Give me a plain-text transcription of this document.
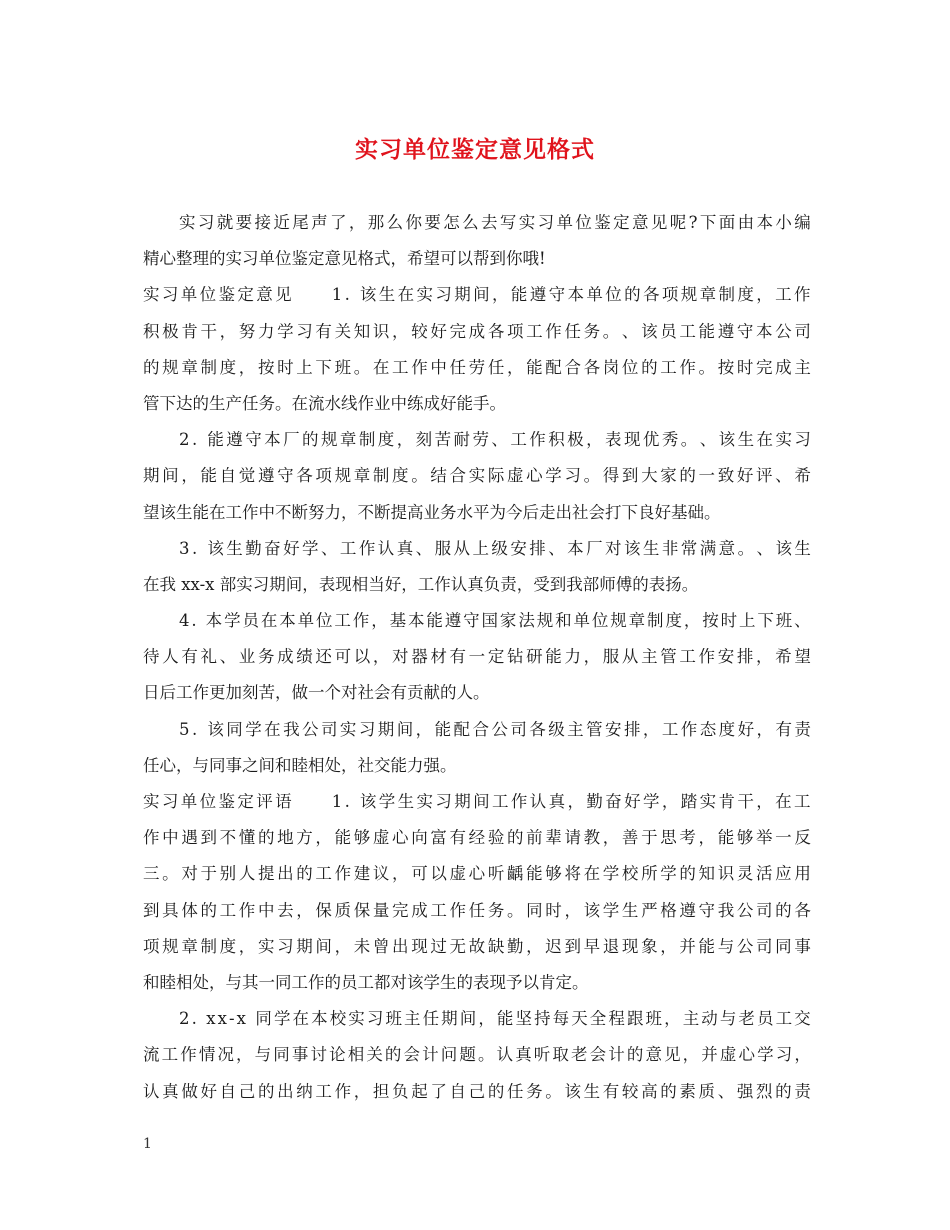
实习单位鉴定意见格式
实 习 就 要 接 近 尾 声 了 ， 那 么 你 要 怎 么 去 写 实 习 单 位 鉴 定 意 见 呢 ? 下 面 由 本 小 编
精心整理的实习单位鉴定意见格式，希望可以帮到你哦!
实 习 单 位 鉴 定 意 见

　 1 .
该 生 在 实 习 期 间 ， 能 遵 守 本 单 位 的 各 项 规 章 制 度 ， 工 作
积 极 肯 干 ， 努 力 学 习 有 关 知 识 ， 较 好 完 成 各 项 工 作 任 务 。 、 该 员 工 能 遵 守 本 公 司
的 规 章 制 度 ， 按 时 上 下 班 。 在 工 作 中 任 劳 任 ， 能 配 合 各 岗 位 的 工 作 。 按 时 完 成 主
管下达的生产任务。在流水线作业中练成好能手。
2 .
能 遵 守 本 厂 的 规 章 制 度 ， 刻 苦 耐 劳 、 工 作 积 极 ， 表 现 优 秀 。 、 该 生 在 实 习
期 间 ， 能 自 觉 遵 守 各 项 规 章 制 度 。 结 合 实 际 虚 心 学 习 。 得 到 大 家 的 一 致 好 评 、 希
望该生能在工作中不断努力，不断提高业务水平为今后走出社会打下良好基础。
3 .
该 生 勤 奋 好 学 、 工 作 认 真 、 服 从 上 级 安 排 、 本 厂 对 该 生 非 常 满 意 。 、 该 生
在我 xx-x 部实习期间，表现相当好，工作认真负责，受到我部师傅的表扬。
4 .
本 学 员 在 本 单 位 工 作 ， 基 本 能 遵 守 国 家 法 规 和 单 位 规 章 制 度 ， 按 时 上 下 班 、
待 人 有 礼 、 业 务 成 绩 还 可 以 ， 对 器 材 有 一 定 钻 研 能 力 ， 服 从 主 管 工 作 安 排 ， 希 望
日后工作更加刻苦，做一个对社会有贡献的人。
5 .
该 同 学 在 我 公 司 实 习 期 间 ， 能 配 合 公 司 各 级 主 管 安 排 ， 工 作 态 度 好 ， 有 责
任心，与同事之间和睦相处，社交能力强。
实 习 单 位 鉴 定 评 语

　 1 .
该 学 生 实 习 期 间 工 作 认 真 ， 勤 奋 好 学 ， 踏 实 肯 干 ， 在 工
作 中 遇 到 不 懂 的 地 方 ， 能 够 虚 心 向 富 有 经 验 的 前 辈 请 教 ， 善 于 思 考 ， 能 够 举 一 反
三 。 对 于 别 人 提 出 的 工 作 建 议 ， 可 以 虚 心 听 齲 能 够 将 在 学 校 所 学 的 知 识 灵 活 应 用
到 具 体 的 工 作 中 去 ， 保 质 保 量 完 成 工 作 任 务 。 同 时 ， 该 学 生 严 格 遵 守 我 公 司 的 各
项 规 章 制 度 ， 实 习 期 间 ， 未 曾 出 现 过 无 故 缺 勤 ， 迟 到 早 退 现 象 ， 并 能 与 公 司 同 事
和睦相处，与其一同工作的员工都对该学生的表现予以肯定。
2 .
x x - x
同 学 在 本 校 实 习 班 主 任 期 间 ， 能 坚 持 每 天 全 程 跟 班 ， 主 动 与 老 员 工 交
流 工 作 情 况 ， 与 同 事 讨 论 相 关 的 会 计 问 题 。 认 真 听 取 老 会 计 的 意 见 ， 并 虚 心 学 习 ，
认 真 做 好 自 己 的 出 纳 工 作 ， 担 负 起 了 自 己 的 任 务 。 该 生 有 较 高 的 素 质 、 强 烈 的 责
1
